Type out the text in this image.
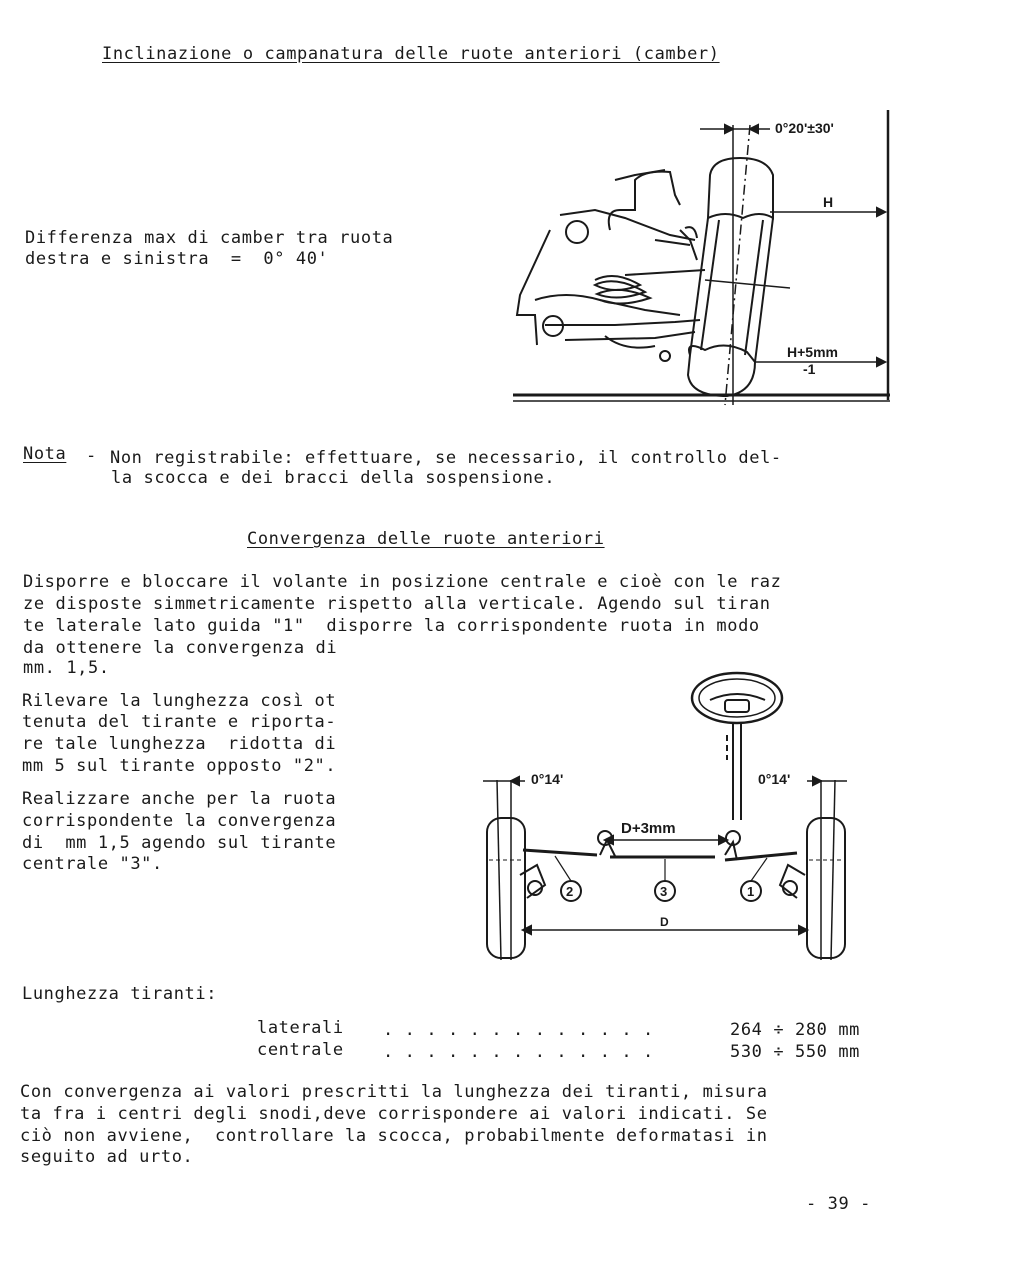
Inclinazione o campanatura delle ruote anteriori (camber)
Differenza max di camber tra ruota
destra e sinistra  =  0° 40'
0°20'±30'
H
H+5mm
-1
Nota - Non registrabile: effettuare, se necessario, il controllo del-
la scocca e dei bracci della sospensione.
Convergenza delle ruote anteriori
Disporre e bloccare il volante in posizione centrale e cioè con le raz
ze disposte simmetricamente rispetto alla verticale. Agendo sul tiran
te laterale lato guida "1"  disporre la corrispondente ruota in modo
da ottenere la convergenza di
mm. 1,5.
Rilevare la lunghezza così ot
tenuta del tirante e riporta-
re tale lunghezza  ridotta di
mm 5 sul tirante opposto "2".
Realizzare anche per la ruota
corrispondente la convergenza
di  mm 1,5 agendo sul tirante
centrale "3".
0°14'	0°14'
D+3mm
D
2	3	1
Lunghezza tiranti:
laterali . . . . . . . . . . . . .	264 ÷ 280 mm
centrale . . . . . . . . . . . . .	530 ÷ 550 mm
Con convergenza ai valori prescritti la lunghezza dei tiranti, misura
ta fra i centri degli snodi,deve corrispondere ai valori indicati. Se
ciò non avviene,  controllare la scocca, probabilmente deformatasi in
seguito ad urto.
- 39 -
